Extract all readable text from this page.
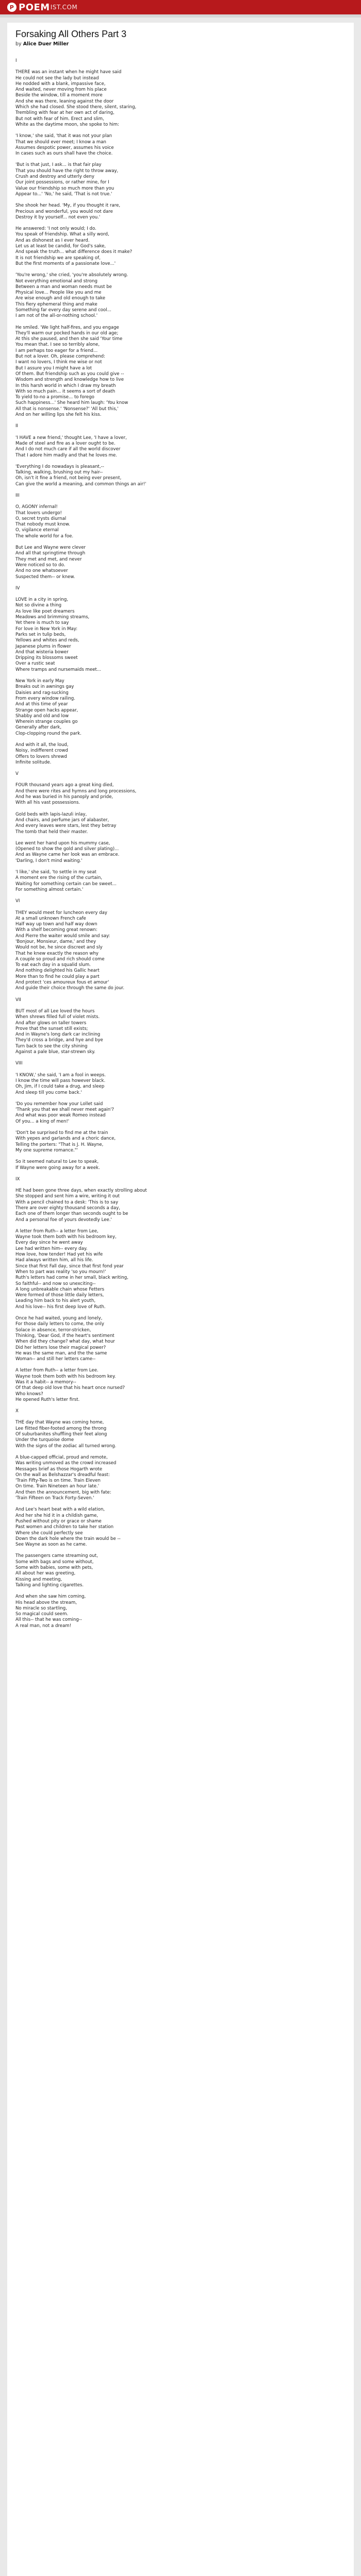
P POEM IST.COM
Forsaking All Others Part 3
by Alice Duer Miller
I
THERE was an instant when he might have said
He could not see the lady but instead
He nodded with a blank, impassive face,
And waited, never moving from his place
Beside the window, till a moment more
And she was there, leaning against the door
Which she had closed. She stood there, silent, staring,
Trembling with fear at her own act of daring,
But not with fear of him. Erect and slim,
White as the daytime moon, she spoke to him:
'I know,' she said, 'that it was not your plan
That we should ever meet; I know a man
Assumes despotic power, assumes his voice
In cases such as ours shall have the choice.
'But is that just, I ask... is that fair play
That you should have the right to throw away,
Crush and destroy and utterly deny
Our joint possessions, or rather mine, for I
Value our friendship so much more than you
Appear to...' 'No,' he said, 'That is not true.'
She shook her head. 'My, if you thought it rare,
Precious and wonderful, you would not dare
Destroy it by yourself... not even you.'
He answered: 'I not only would; I do.
You speak of friendship. What a silly word,
And as dishonest as I ever heard.
Let us at least be candid, for God's sake,
And speak the truth... what difference does it make?
It is not friendship we are speaking of,
But the first moments of a passionate love...'
'You're wrong,' she cried, 'you're absolutely wrong.
Not everything emotional and strong
Between a man and woman needs must be
Physical love... People like you and me
Are wise enough and old enough to take
This fiery ephemeral thing and make
Something far every day serene and cool...
I am not of the all-or-nothing school.'
He smiled. 'We light half-fires, and you engage
They'll warm our pocked hands in our old age;
At this she paused, and then she said 'Your time
You mean that. I see so terribly alone,
I am perhaps too eager for a friend...
But not a lover. Oh, please comprehend:
I want no lovers, I think me wise or not
But I assure you I might have a lot
Of them. But friendship such as you could give --
Wisdom and strength and knowledge how to live
In this harsh world in which I draw my breath
With so much pain... it seems a sort of death
To yield to-no a promise... to forego
Such happiness...' She heard him laugh: 'You know
All that is nonsense.' 'Nonsense?' 'All but this,'
And on her willing lips she felt his kiss.
II
'I HAVE a new friend,' thought Lee, 'I have a lover,
Made of steel and fire as a lover ought to be.
And I do not much care if all the world discover
That I adore him madly and that he loves me.
'Everything I do nowadays is pleasant,--
Talking, walking, brushing out my hair--
Oh, isn't it fine a friend, not being ever present,
Can give the world a meaning, and common things an air!'
III
O, AGONY infernal!
That lovers undergo!
O, secret trysts diurnal
That nobody must know.
O, vigilance eternal
The whole world for a foe.
But Lee and Wayne were clever
And all that springtime through
They met and met, and never
Were noticed so to do.
And no one whatsoever
Suspected them-- or knew.
IV
LOVE in a city in spring,
Not so divine a thing
As love like poet dreamers
Meadows and brimming streams,
Yet there is much to say
For love in New York in May:
Parks set in tulip beds,
Yellows and whites and reds,
Japanese plums in flower
And that wisteria bower
Dripping its blossoms sweet
Over a rustic seat
Where tramps and nursemaids meet...
New York in early May
Breaks out in awnings gay
Daisies and rag-sucking
From every window railing.
And at this time of year
Strange open hacks appear,
Shabby and old and low
Wherein strange couples go
Generally after dark,
Clop-clopping round the park.
And with it all, the loud,
Noisy, indifferent crowd
Offers to lovers shrewd
Infinite solitude.
V
FOUR thousand years ago a great king died,
And there were rites and hymns and long processions,
And he was buried in his panoply and pride,
With all his vast possessions.
Gold beds with lapis-lazuli inlay,
And chairs, and perfume jars of alabaster,
And every leaves were stars, lest they betray
The tomb that held their master.
Lee went her hand upon his mummy case,
(Opened to show the gold and silver plating)...
And as Wayne came her look was an embrace.
'Darling, I don't mind waiting.'
'I like,' she said, 'to settle in my seat
A moment ere the rising of the curtain,
Waiting for something certain can be sweet...
For something almost certain.'
VI
THEY would meet for luncheon every day
At a small unknown French cafe
Half way up town and half way down
With a shelf becoming great renown:
And Pierre the waiter would smile and say:
'Bonjour, Monsieur, dame,' and they
Would not be, he since discreet and sly
That he knew exactly the reason why
A couple so proud and rich should come
To eat each day in a squalid slum.
And nothing delighted his Gallic heart
More than to find he could play a part
And protect 'ces amoureux fous et amour'
And guide their choice through the same do jour.
VII
BUT most of all Lee loved the hours
When shrews filled full of violet mists.
And after glows on taller towers
Prove that the sunset still exists;
And in Wayne's long dark car inclining
They'd cross a bridge, and hye and bye
Turn back to see the city shining
Against a pale blue, star-strewn sky.
VIII
'I KNOW,' she said, 'I am a fool in weeps.
I know the time will pass however black.
Oh, Jim, if I could take a drug, and sleep
And sleep till you come back.'
'Do you remember how your Lollet said
'Thank you that we shall never meet again'?
And what was poor weak Romeo instead
Of you... a king of men!'
'Don't be surprised to find me at the train
With yepes and garlands and a choric dance,
Telling the porters: "That is J. H. Wayne,
My one supreme romance."'
So it seemed natural to Lee to speak,
If Wayne were going away for a week.
IX
HE had been gone three days, when exactly strolling about
She stopped and sent him a wire, writing it out
With a pencil chained to a desk: 'This is to say
There are over eighty thousand seconds a day,
Each one of them longer than seconds ought to be
And a personal foe of yours devotedly Lee.'
A letter from Ruth-- a letter from Lee,
Wayne took them both with his bedroom key,
Every day since he went away
Lee had written him-- every day.
How love, how tender! Had yet his wife
Had always written him, all his life.
Since that first Fall day, since that first fond year
When to part was reality 'so you mourn!'
Ruth's letters had come in her small, black writing,
So faithful-- and now so unexciting--
A long unbreakable chain whose Fetters
Were formed of those little daily letters,
Leading him back to his alert youth,
And his love-- his first deep love of Ruth.
Once he had waited, young and lonely,
For those daily letters to come, the only
Solace in absence, terror-stricken,
Thinking, 'Dear God, if the heart's sentiment
When did they change? what day, what hour
Did her letters lose their magical power?
He was the same man, and the the same
Woman-- and still her letters came--
A letter from Ruth-- a letter from Lee.
Wayne took them both with his bedroom key.
Was it a habit-- a memory--
Of that deep old love that his heart once nursed?
Who knows?
He opened Ruth's letter first.
X
THE day that Wayne was coming home,
Lee flitted fiber-footed among the throng
Of suburbanites shuffling their feet along
Under the turquoise dome
With the signs of the zodiac all turned wrong.
A blue-capped official, proud and remote,
Was writing unmoved as the crowd increased
Messages brief as those Hogarth wrote
On the wall as Belshazzar's dreadful feast:
'Train Fifty-Two is on time. Train Eleven
On time. Train Nineteen an hour late.'
And then the announcement, big with fate:
'Train Fifteen on Track Forty-Seven.'
And Lee's heart beat with a wild elation,
And her she hid it in a childish game,
Pushed without pity or grace or shame
Past women and children to take her station
Where she could perfectly see
Down the dark hole where the train would be --
See Wayne as soon as he came.
The passengers came streaming out,
Some with bags and some without,
Some with babies, some with pets,
All about her was greeting,
Kissing and meeting,
Talking and lighting cigarettes.
And when she saw him coming,
His head above the stream,
No miracle so startling,
So magical could seem.
All this-- that he was coming--
A real man, not a dream!
